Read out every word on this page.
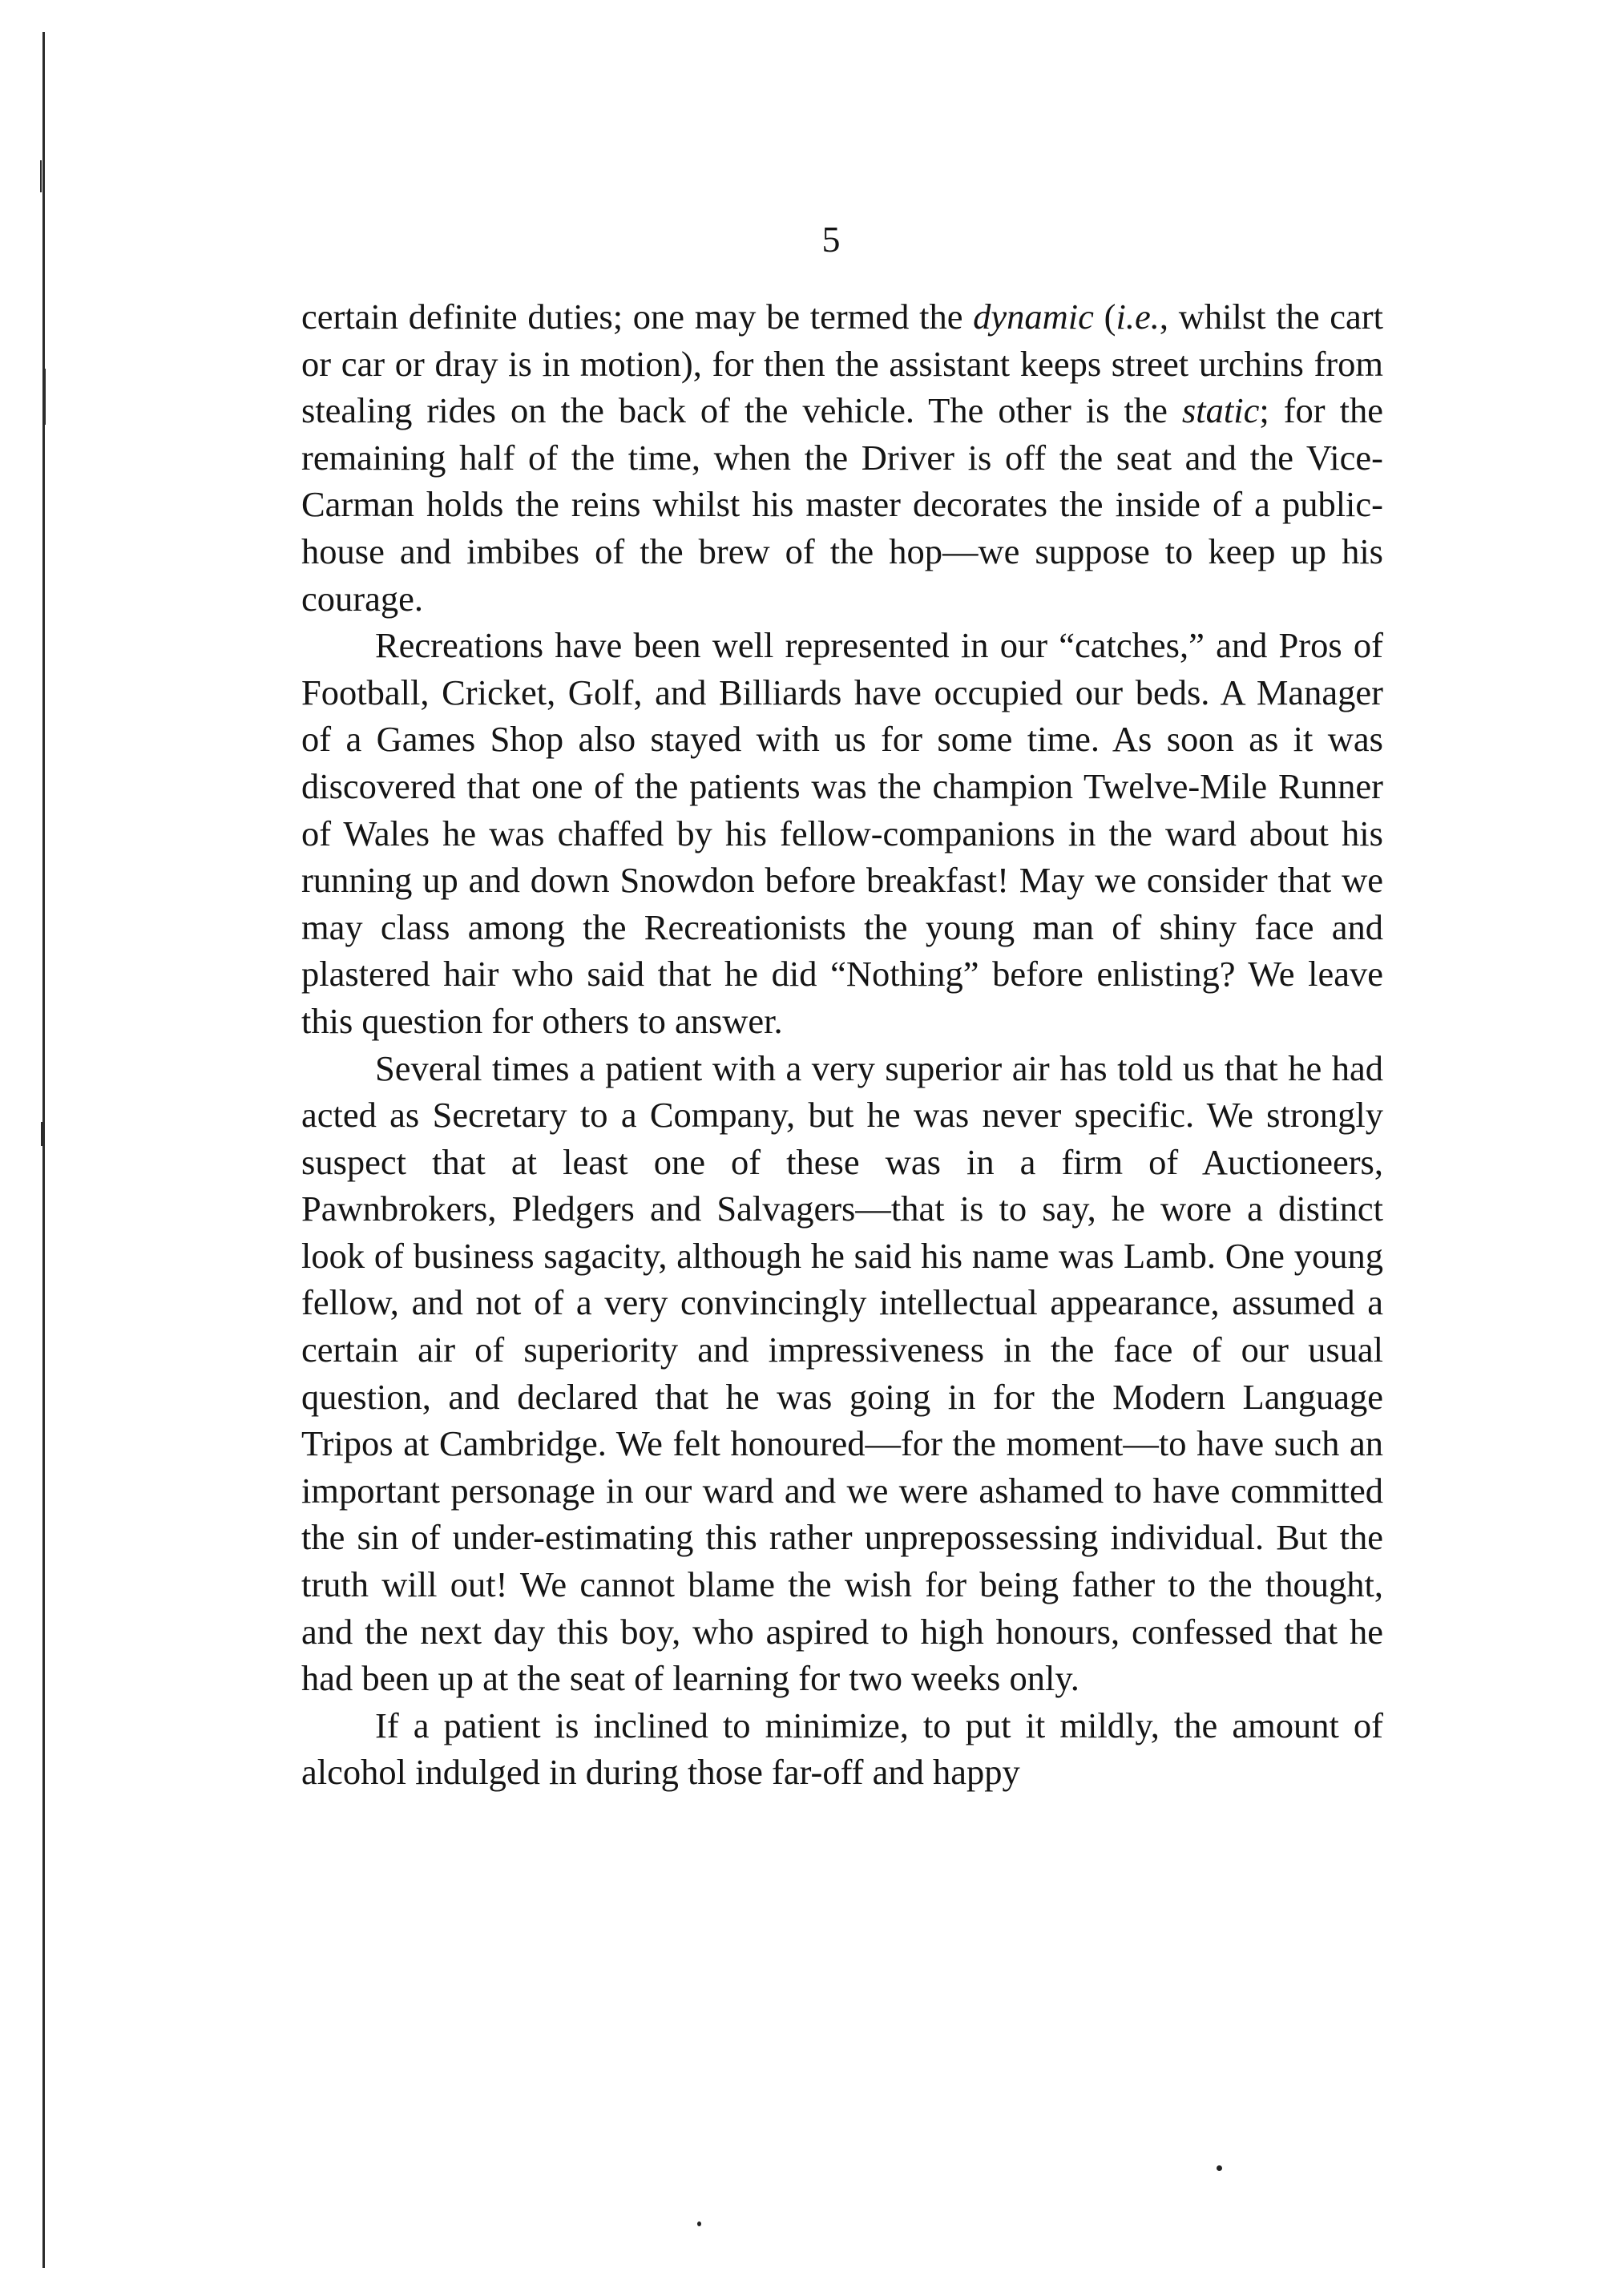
5

certain definite duties; one may be termed the dynamic (i.e., whilst the cart or car or dray is in motion), for then the assistant keeps street urchins from stealing rides on the back of the vehicle. The other is the static; for the remaining half of the time, when the Driver is off the seat and the Vice-Carman holds the reins whilst his master decorates the inside of a public-house and imbibes of the brew of the hop—we suppose to keep up his courage.

Recreations have been well represented in our “catches,” and Pros of Football, Cricket, Golf, and Billiards have occupied our beds. A Manager of a Games Shop also stayed with us for some time. As soon as it was discovered that one of the patients was the champion Twelve-Mile Runner of Wales he was chaffed by his fellow-companions in the ward about his running up and down Snowdon before breakfast! May we consider that we may class among the Recreationists the young man of shiny face and plastered hair who said that he did “Nothing” before enlisting? We leave this question for others to answer.

Several times a patient with a very superior air has told us that he had acted as Secretary to a Company, but he was never specific. We strongly suspect that at least one of these was in a firm of Auctioneers, Pawnbrokers, Pledgers and Salvagers—that is to say, he wore a distinct look of business sagacity, although he said his name was Lamb. One young fellow, and not of a very convincingly intellectual appearance, assumed a certain air of superiority and impressiveness in the face of our usual question, and declared that he was going in for the Modern Language Tripos at Cambridge. We felt honoured—for the moment—to have such an important personage in our ward and we were ashamed to have committed the sin of under-estimating this rather unprepossessing individual. But the truth will out! We cannot blame the wish for being father to the thought, and the next day this boy, who aspired to high honours, confessed that he had been up at the seat of learning for two weeks only.

If a patient is inclined to minimize, to put it mildly, the amount of alcohol indulged in during those far-off and happy
